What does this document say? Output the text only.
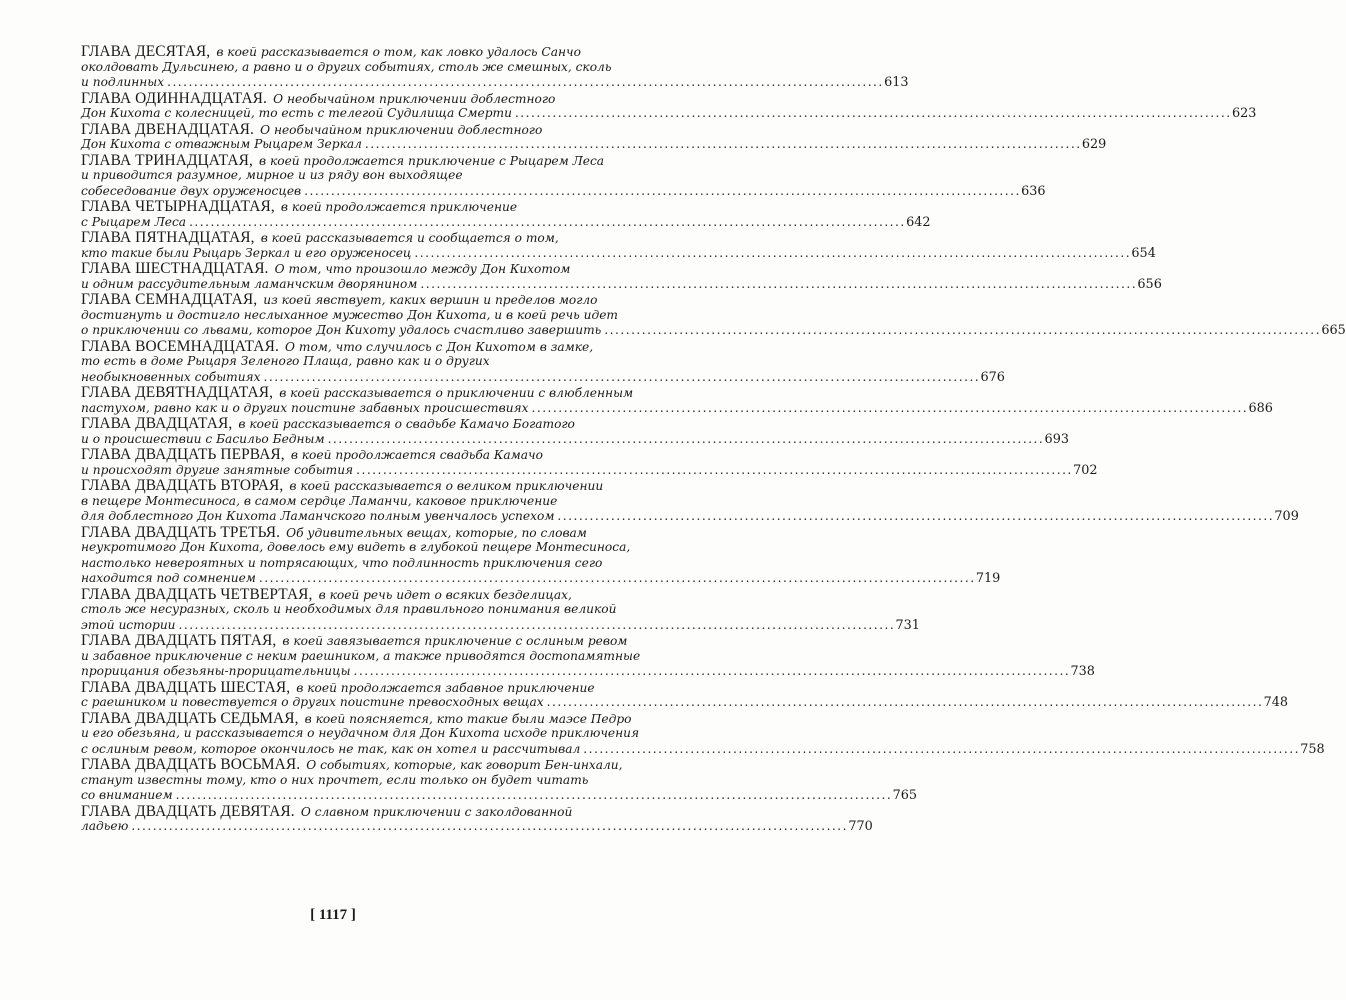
ГЛАВА ДЕСЯТАЯ, в коей рассказывается о том, как ловко удалось Санчо
околдовать Дульсинею, а равно и о других событиях, столь же смешных, сколь
и подлинных . . .	613
ГЛАВА ОДИННАДЦАТАЯ. О необычайном приключении доблестного
Дон Кихота с колесницей, то есть с телегой Судилища Смерти . . .	623
ГЛАВА ДВЕНАДЦАТАЯ. О необычайном приключении доблестного
Дон Кихота с отважным Рыцарем Зеркал . . .	629
ГЛАВА ТРИНАДЦАТАЯ, в коей продолжается приключение с Рыцарем Леса
и приводится разумное, мирное и из ряду вон выходящее
собеседование двух оруженосцев . . .	636
ГЛАВА ЧЕТЫРНАДЦАТАЯ, в коей продолжается приключение
с Рыцарем Леса . . .	642
ГЛАВА ПЯТНАДЦАТАЯ, в коей рассказывается и сообщается о том,
кто такие были Рыцарь Зеркал и его оруженосец . . .	654
ГЛАВА ШЕСТНАДЦАТАЯ. О том, что произошло между Дон Кихотом
и одним рассудительным ламанчским дворянином . . .	656
ГЛАВА СЕМНАДЦАТАЯ, из коей явствует, каких вершин и пределов могло
достигнуть и достигло неслыханное мужество Дон Кихота, и в коей речь идет
о приключении со львами, которое Дон Кихоту удалось счастливо завершить . . .	665
ГЛАВА ВОСЕМНАДЦАТАЯ. О том, что случилось с Дон Кихотом в замке,
то есть в доме Рыцаря Зеленого Плаща, равно как и о других
необыкновенных событиях . . .	676
ГЛАВА ДЕВЯТНАДЦАТАЯ, в коей рассказывается о приключении с влюбленным
пастухом, равно как и о других поистине забавных происшествиях . . .	686
ГЛАВА ДВАДЦАТАЯ, в коей рассказывается о свадьбе Камачо Богатого
и о происшествии с Басильо Бедным . . .	693
ГЛАВА ДВАДЦАТЬ ПЕРВАЯ, в коей продолжается свадьба Камачо
и происходят другие занятные события . . .	702
ГЛАВА ДВАДЦАТЬ ВТОРАЯ, в коей рассказывается о великом приключении
в пещере Монтесиноса, в самом сердце Ламанчи, каковое приключение
для доблестного Дон Кихота Ламанчского полным увенчалось успехом . . .	709
ГЛАВА ДВАДЦАТЬ ТРЕТЬЯ. Об удивительных вещах, которые, по словам
неукротимого Дон Кихота, довелось ему видеть в глубокой пещере Монтесиноса,
настолько невероятных и потрясающих, что подлинность приключения сего
находится под сомнением . . .	719
ГЛАВА ДВАДЦАТЬ ЧЕТВЕРТАЯ, в коей речь идет о всяких безделицах,
столь же несуразных, сколь и необходимых для правильного понимания великой
этой истории . . .	731
ГЛАВА ДВАДЦАТЬ ПЯТАЯ, в коей завязывается приключение с ослиным ревом
и забавное приключение с неким раешником, а также приводятся достопамятные
прорицания обезьяны-прорицательницы . . .	738
ГЛАВА ДВАДЦАТЬ ШЕСТАЯ, в коей продолжается забавное приключение
с раешником и повествуется о других поистине превосходных вещах . . .	748
ГЛАВА ДВАДЦАТЬ СЕДЬМАЯ, в коей поясняется, кто такие были маэсе Педро
и его обезьяна, и рассказывается о неудачном для Дон Кихота исходе приключения
с ослиным ревом, которое окончилось не так, как он хотел и рассчитывал . . .	758
ГЛАВА ДВАДЦАТЬ ВОСЬМАЯ. О событиях, которые, как говорит Бен-инхали,
станут известны тому, кто о них прочтет, если только он будет читать
со вниманием . . .	765
ГЛАВА ДВАДЦАТЬ ДЕВЯТАЯ. О славном приключении с заколдованной
ладьею . . .	770
[ 1117 ]
